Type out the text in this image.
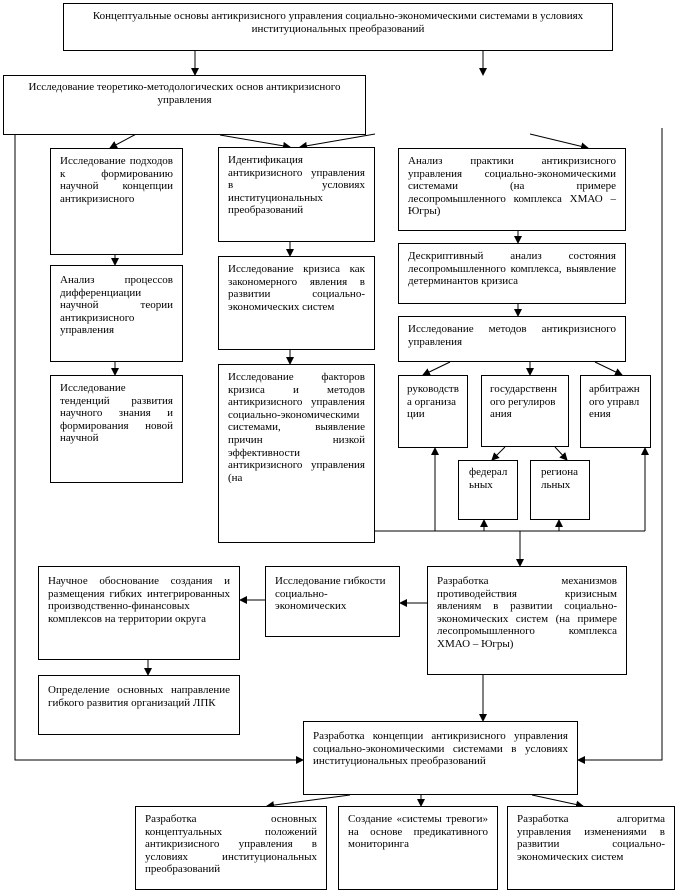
Концептуальные основы антикризисного управления социально-экономическими системами в условиях институциональных преобразований
Исследование теоретико-методологических основ антикризисного управления
Исследование подходов к формированию научной концепции антикризисного
Анализ процессов дифференциации научной теории антикризисного управления
Исследование тенденций развития научного знания и формирования новой научной
Идентификация антикризисного управления в условиях институциональных преобразований
Исследование кризиса как закономерного явления в развитии социально-экономических систем
Исследование факторов кризиса и методов антикризисного управления социально-экономическими системами, выявление причин низкой эффективности антикризисного управления (на
Анализ практики антикризисного управления социально-экономическими системами (на примере лесопромышленного комплекса ХМАО – Югры)
Дескриптивный анализ состояния лесопромышленного комплекса, выявление детерминантов кризиса
Исследование методов антикризисного управления
руководства организации
государственного регулирования
арбитражного управления
федеральных
региональных
Разработка механизмов противодействия кризисным явлениям в развитии социально-экономических систем (на примере лесопромышленного комплекса ХМАО – Югры)
Исследование гибкости социально-экономических
Научное обоснование создания и размещения гибких интегрированных производственно-финансовых комплексов на территории округа
Определение основных направление гибкого развития организаций ЛПК
Разработка концепции антикризисного управления социально-экономическими системами в условиях институциональных преобразований
Разработка основных концептуальных положений антикризисного управления в условиях институциональных преобразований
Создание «системы тревоги» на основе предикативного мониторинга
Разработка алгоритма управления изменениями в развитии социально-экономических систем
